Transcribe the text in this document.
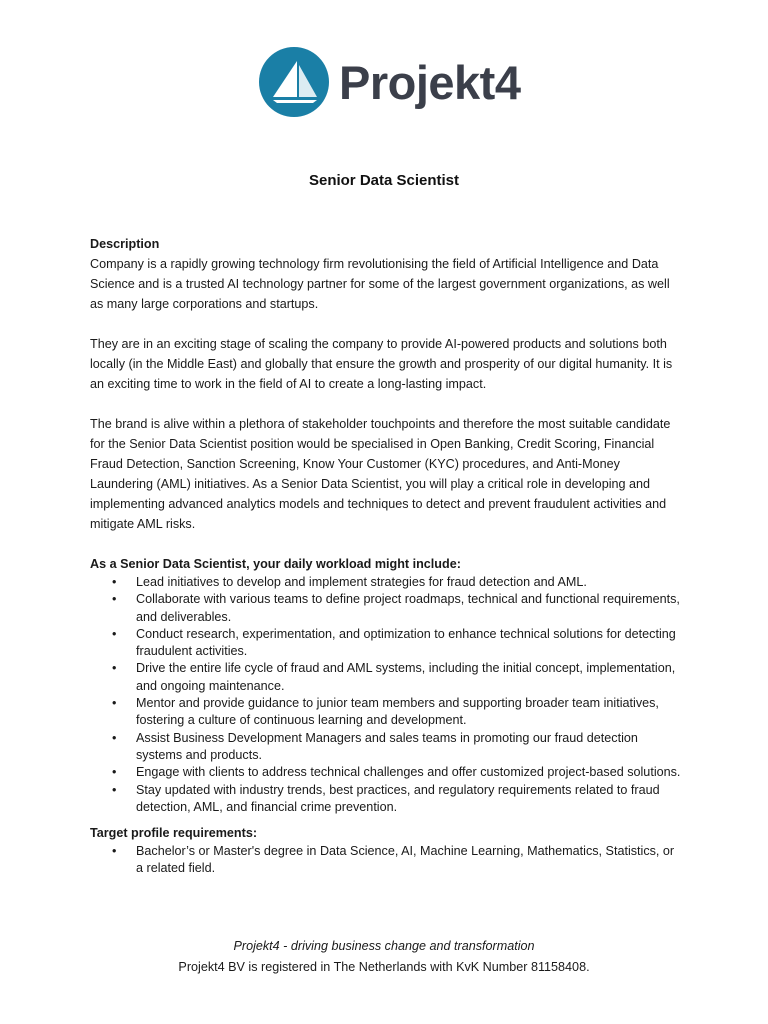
Projekt4
Senior Data Scientist

Description

Company is a rapidly growing technology firm revolutionising the field of Artificial Intelligence and Data Science and is a trusted AI technology partner for some of the largest government organizations, as well as many large corporations and startups.

They are in an exciting stage of scaling the company to provide AI-powered products and solutions both locally (in the Middle East) and globally that ensure the growth and prosperity of our digital humanity. It is an exciting time to work in the field of AI to create a long-lasting impact.

The brand is alive within a plethora of stakeholder touchpoints and therefore the most suitable candidate for the Senior Data Scientist position would be specialised in Open Banking, Credit Scoring, Financial Fraud Detection, Sanction Screening, Know Your Customer (KYC) procedures, and Anti-Money Laundering (AML) initiatives. As a Senior Data Scientist, you will play a critical role in developing and implementing advanced analytics models and techniques to detect and prevent fraudulent activities and mitigate AML risks.

As a Senior Data Scientist, your daily workload might include:

• Lead initiatives to develop and implement strategies for fraud detection and AML.
• Collaborate with various teams to define project roadmaps, technical and functional requirements, and deliverables.
• Conduct research, experimentation, and optimization to enhance technical solutions for detecting fraudulent activities.
• Drive the entire life cycle of fraud and AML systems, including the initial concept, implementation, and ongoing maintenance.
• Mentor and provide guidance to junior team members and supporting broader team initiatives, fostering a culture of continuous learning and development.
• Assist Business Development Managers and sales teams in promoting our fraud detection systems and products.
• Engage with clients to address technical challenges and offer customized project-based solutions.
• Stay updated with industry trends, best practices, and regulatory requirements related to fraud detection, AML, and financial crime prevention.

Target profile requirements:

• Bachelor’s or Master's degree in Data Science, AI, Machine Learning, Mathematics, Statistics, or a related field.
Projekt4 - driving business change and transformation
Projekt4 BV is registered in The Netherlands with KvK Number 81158408.
